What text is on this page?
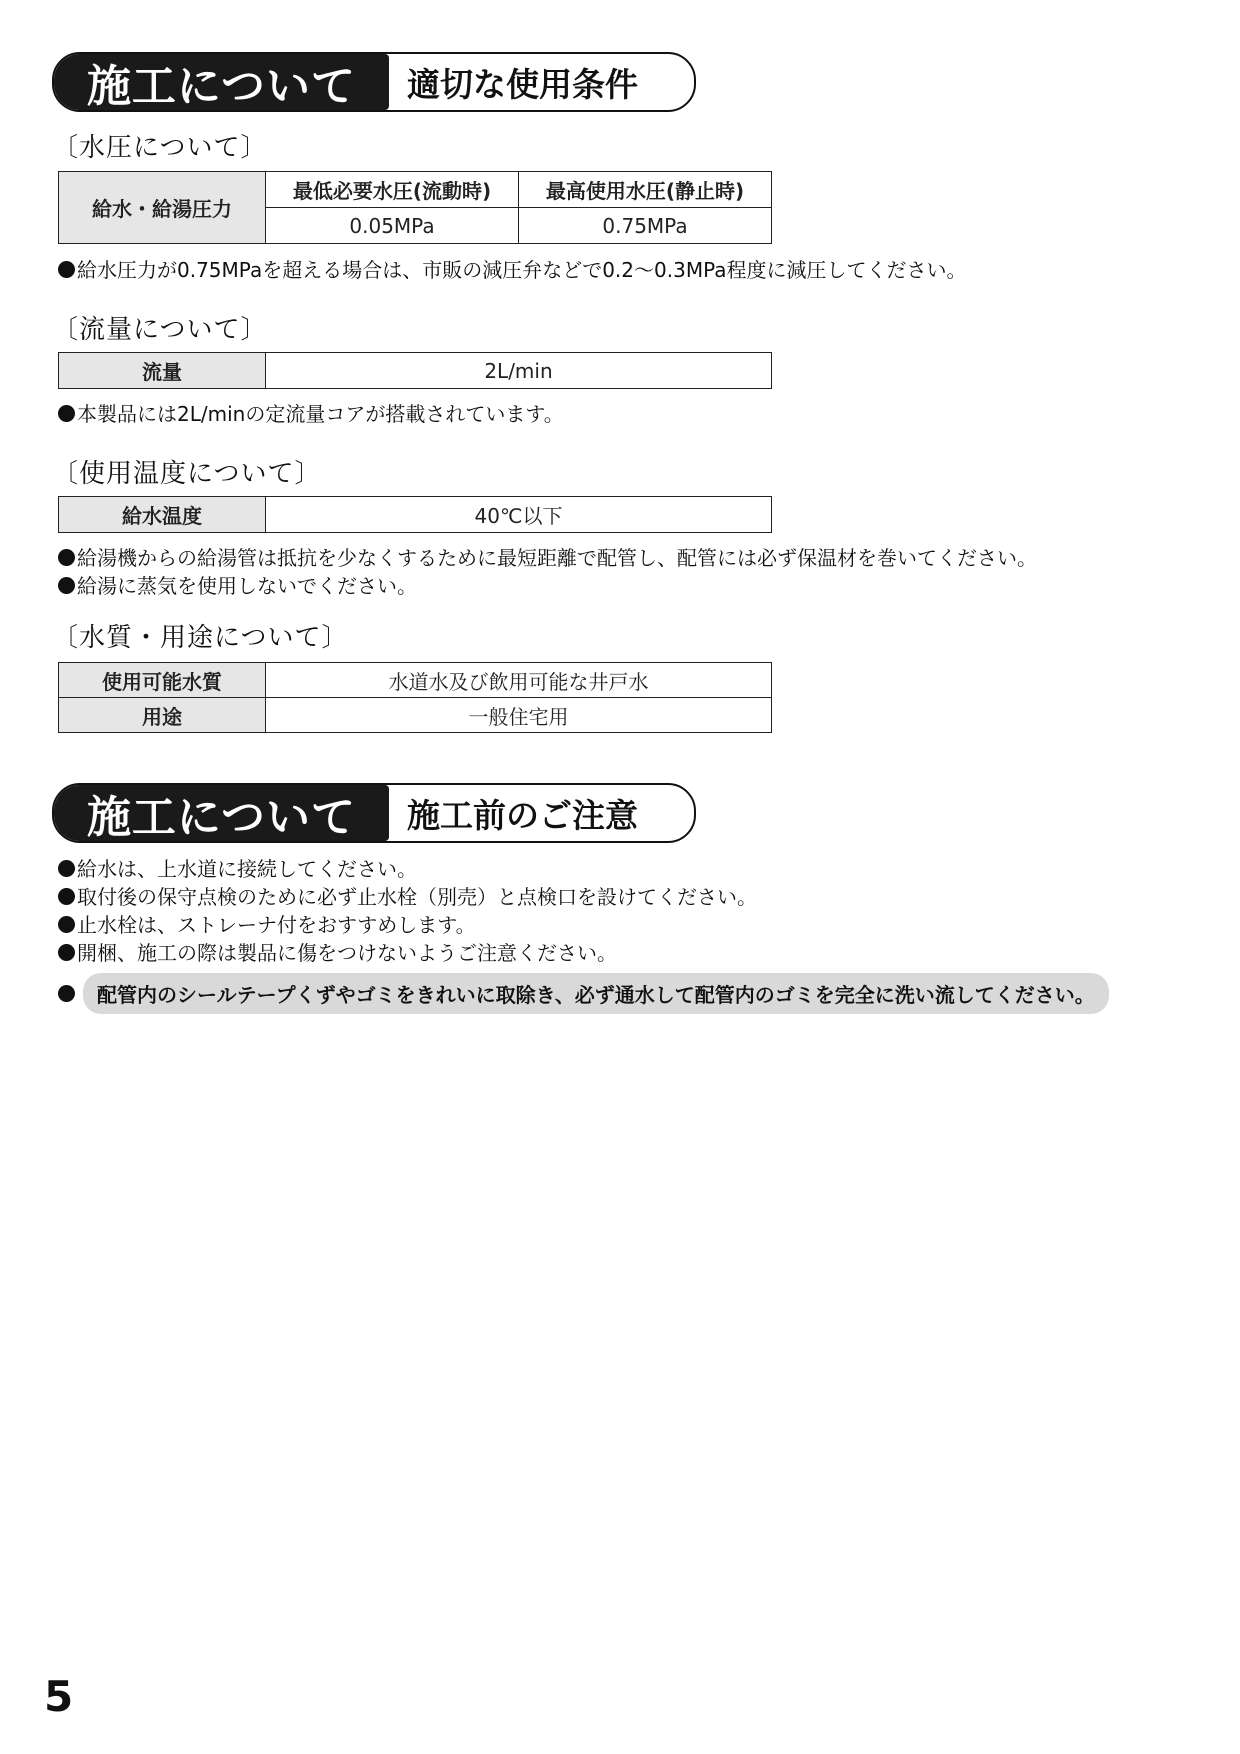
施工について	適切な使用条件
〔水圧について〕
給水・給湯圧力	最低必要水圧(流動時)	最高使用水圧(静止時)
	0.05MPa	0.75MPa
給水圧力が0.75MPaを超える場合は、市販の減圧弁などで0.2〜0.3MPa程度に減圧してください。
〔流量について〕
流量	2L/min
本製品には2L/minの定流量コアが搭載されています。
〔使用温度について〕
給水温度	40℃以下
給湯機からの給湯管は抵抗を少なくするために最短距離で配管し、配管には必ず保温材を巻いてください。
給湯に蒸気を使用しないでください。
〔水質・用途について〕
使用可能水質	水道水及び飲用可能な井戸水
用途	一般住宅用
施工について	施工前のご注意
給水は、上水道に接続してください。
取付後の保守点検のために必ず止水栓（別売）と点検口を設けてください。
止水栓は、ストレーナ付をおすすめします。
開梱、施工の際は製品に傷をつけないようご注意ください。
配管内のシールテープくずやゴミをきれいに取除き、必ず通水して配管内のゴミを完全に洗い流してください。
5
